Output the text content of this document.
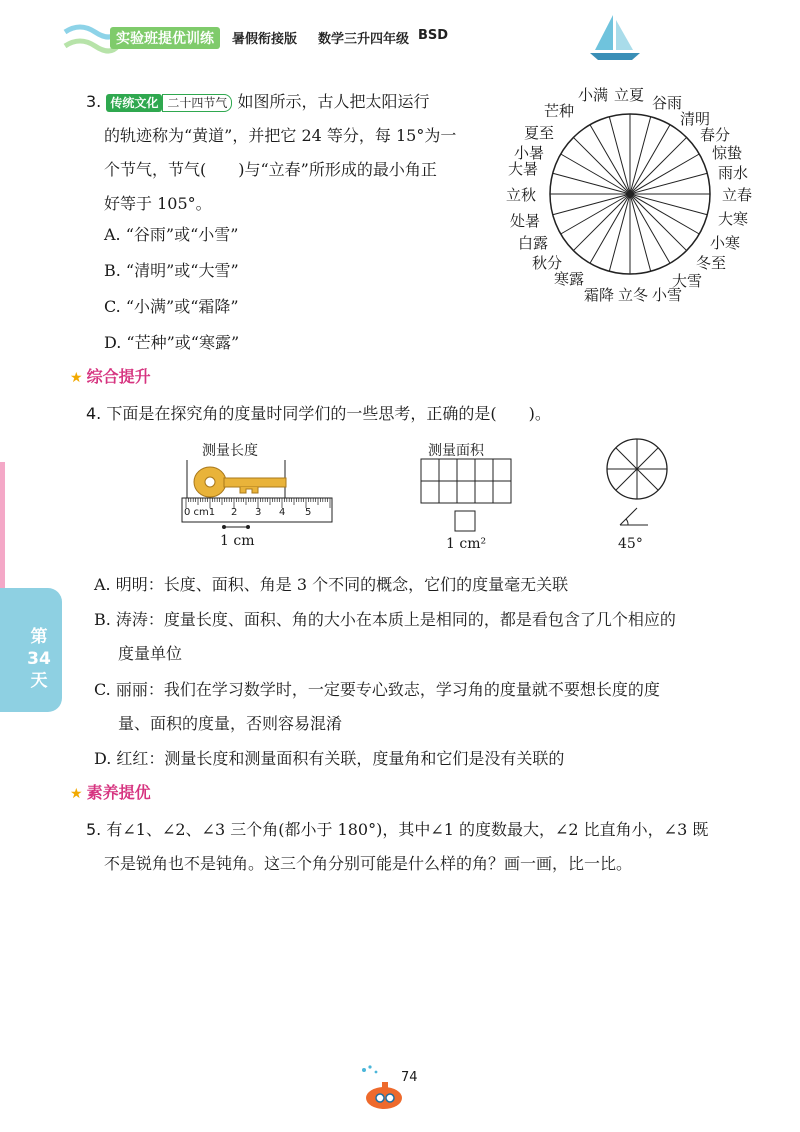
实验班提优训练	暑假衔接版 数学三升四年级 BSD
3. 传统文化 二十四节气 如图所示，古人把太阳运行
的轨迹称为“黄道”，并把它 24 等分，每 15°为一
个节气，节气(　　)与“立春”所形成的最小角正
好等于 105°。
A. “谷雨”或“小雪”
B. “清明”或“大雪”
C. “小满”或“霜降”
D. “芒种”或“寒露”
小满 立夏 谷雨
芒种	清明
夏至	春分
小暑	惊蛰
大暑	雨水
立秋	立春
处暑	大寒
白露	小寒
秋分	冬至
寒露	大雪
霜降 立冬 小雪
★ 综合提升
4. 下面是在探究角的度量时同学们的一些思考，正确的是(　　)。
测量长度
0 cm1 2 3 4 5
1 cm
测量面积
1 cm²	45°
A. 明明：长度、面积、角是 3 个不同的概念，它们的度量毫无关联
B. 涛涛：度量长度、面积、角的大小在本质上是相同的，都是看包含了几个相应的
度量单位
C. 丽丽：我们在学习数学时，一定要专心致志，学习角的度量就不要想长度的度
量、面积的度量，否则容易混淆
D. 红红：测量长度和测量面积有关联，度量角和它们是没有关联的
★ 素养提优
5. 有∠1、∠2、∠3 三个角(都小于 180°)，其中∠1 的度数最大，∠2 比直角小，∠3 既
不是锐角也不是钝角。这三个角分别可能是什么样的角？画一画，比一比。
第
34
天
74
